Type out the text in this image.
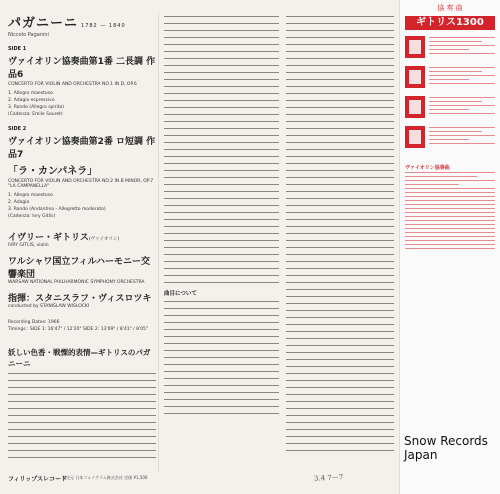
パガニーニ 1782 — 1840
Niccolo Paganini
SIDE 1
ヴァイオリン協奏曲第1番 二長調 作品6
CONCERTO FOR VIOLIN AND ORCHESTRA NO.1 IN D, OP.6
1. Allegro maestoso
2. Adagio espressivo
3. Rondo (Allegro spirito)
(Cadenza: Emile Sauret)
SIDE 2
ヴァイオリン協奏曲第2番 ロ短調 作品7
「ラ・カンパネラ」
CONCERTO FOR VIOLIN AND ORCHESTRA NO.2 IN B MINOR, OP.7 "LA CAMPANELLA"
1. Allegro maestoso
2. Adagio
3. Rondo (Andantino - Allegretto moderato)
(Cadenza: Ivry Gitlis)
イヴリー・ギトリス(ヴァイオリン)
IVRY GITLIS, violin
ワルシャワ国立フィルハーモニー交響楽団
WARSAW NATIONAL PHILHARMONIC SYMPHONY ORCHESTRA
指揮：スタニスラフ・ヴィスロツキ
conducted by STANISLAW WISLOCKI
Recording Dates: 1966
Timings : SIDE 1: 16'47" / 12'20" SIDE 2: 13'09" / 8'41" / 8'05"
妖しい色香・戦慄的表情—ギトリスのパガニーニ
曲目について
フィリップスレコード
発売元 日本フォノグラム株式会社 定価 ¥1,500	3.4 7ー7
協 奏 曲
ギトリス1300
ヴァイオリン協奏曲
Snow Records Japan
